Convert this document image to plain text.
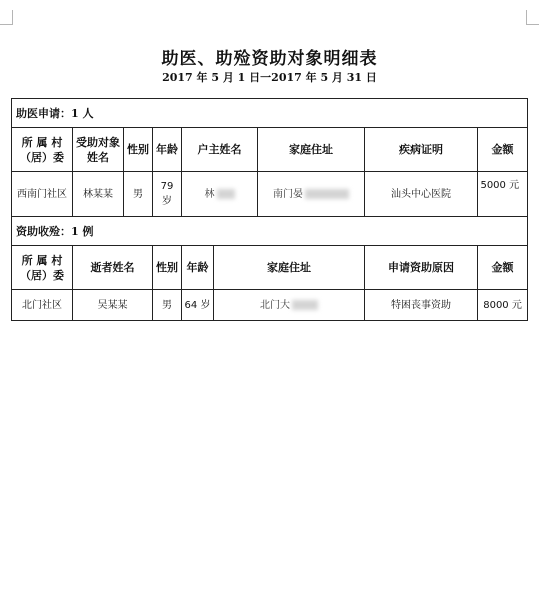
助医、助殓资助对象明细表
2017 年 5 月 1 日一2017 年 5 月 31 日
助医申请：1 人								
所 属 村（居）委	受助对象姓名	性别	年龄	户主姓名		家庭住址	疾病证明	金额
西南门社区	林某某	男	79 岁	林		南门晏	汕头中心医院	5000 元
资助收殓：1 例								
所 属 村（居）委	逝者姓名		性别	年龄	家庭住址		申请资助原因	金额
北门社区	吴某某		男	64 岁	北门大		特困丧事资助	8000 元
